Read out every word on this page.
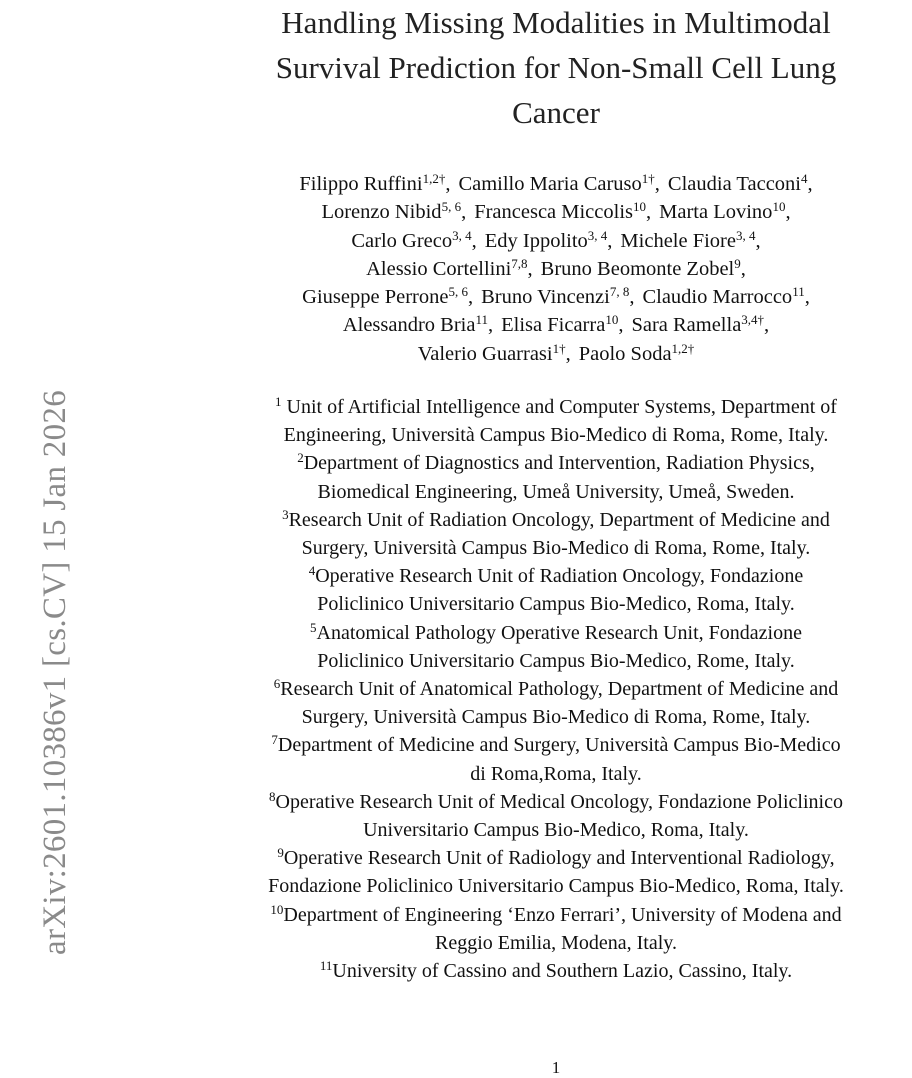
arXiv:2601.10386v1 [cs.CV] 15 Jan 2026
Handling Missing Modalities in Multimodal
Survival Prediction for Non-Small Cell Lung
Cancer
Filippo Ruffini$^{1,2\dagger}$, Camillo Maria Caruso$^{1\dagger}$, Claudia Tacconi$^4$,
Lorenzo Nibid$^{5, 6}$, Francesca Miccolis$^{10}$, Marta Lovino$^{10}$,
Carlo Greco$^{3, 4}$, Edy Ippolito$^{3, 4}$, Michele Fiore$^{3, 4}$,
Alessio Cortellini$^{7,8}$, Bruno Beomonte Zobel$^9$,
Giuseppe Perrone$^{5, 6}$, Bruno Vincenzi$^{7, 8}$, Claudio Marrocco$^{11}$,
Alessandro Bria$^{11}$, Elisa Ficarra$^{10}$, Sara Ramella$^{3,4\dagger}$,
Valerio Guarrasi$^{1\dagger}$, Paolo Soda$^{1,2\dagger}$
$^1$ Unit of Artificial Intelligence and Computer Systems, Department of
Engineering, Università Campus Bio-Medico di Roma, Rome, Italy.
$^2$Department of Diagnostics and Intervention, Radiation Physics,
Biomedical Engineering, Umeå University, Umeå, Sweden.
$^3$Research Unit of Radiation Oncology, Department of Medicine and
Surgery, Università Campus Bio-Medico di Roma, Rome, Italy.
$^4$Operative Research Unit of Radiation Oncology, Fondazione
Policlinico Universitario Campus Bio-Medico, Roma, Italy.
$^5$Anatomical Pathology Operative Research Unit, Fondazione
Policlinico Universitario Campus Bio-Medico, Rome, Italy.
$^6$Research Unit of Anatomical Pathology, Department of Medicine and
Surgery, Università Campus Bio-Medico di Roma, Rome, Italy.
$^7$Department of Medicine and Surgery, Università Campus Bio-Medico
di Roma,Roma, Italy.
$^8$Operative Research Unit of Medical Oncology, Fondazione Policlinico
Universitario Campus Bio-Medico, Roma, Italy.
$^9$Operative Research Unit of Radiology and Interventional Radiology,
Fondazione Policlinico Universitario Campus Bio-Medico, Roma, Italy.
$^{10}$Department of Engineering ‘Enzo Ferrari’, University of Modena and
Reggio Emilia, Modena, Italy.
$^{11}$University of Cassino and Southern Lazio, Cassino, Italy.
1
